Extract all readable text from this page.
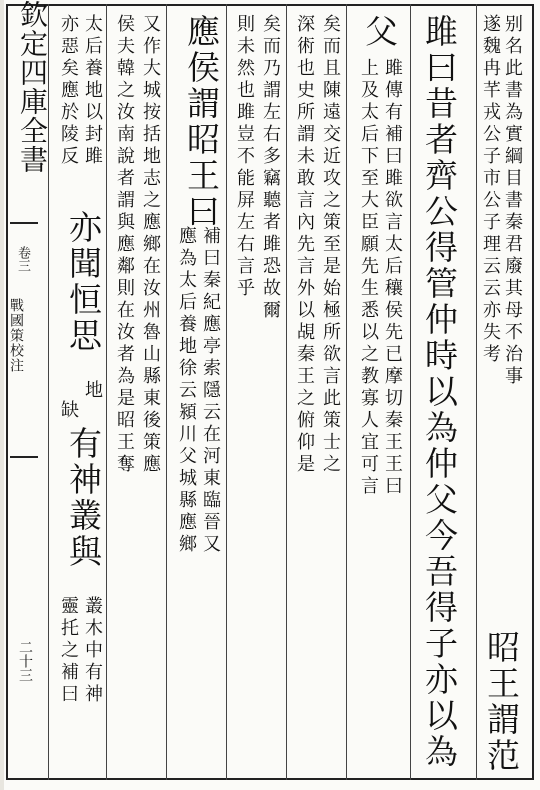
欽定四庫全書
卷三
戰國策校注
二十三
别名此書為實綱目書秦君廢其母不治事
遂魏冉芊戎公子市公子理云云亦失考
昭王謂范
雎曰昔者齊公得管仲時以為仲父今吾得子亦以為
父
雎傳有補曰雎欲言太后穰侯先已摩切秦王王曰
上及太后下至大臣願先生悉以之教寡人宜可言
矣而且陳遠交近攻之策至是始極所欲言此策士之
深術也史所謂未敢言內先言外以覘秦王之俯仰是
矣而乃謂左右多竊聽者雎恐故爾
則未然也雎豈不能屏左右言乎
應侯謂昭王曰
補曰秦紀應亭索隱云在河東臨晉又
應為太后養地徐云潁川父城縣應鄉
又作大城按括地志之應鄉在汝州魯山縣東後策應
侯夫韓之汝南說者謂與應鄰則在汝者為是昭王奪
太后養地以封雎
亦聞恒思
地
亦惡矣應於陵反
缺
有神叢與
叢木中有神
靈托之補曰
